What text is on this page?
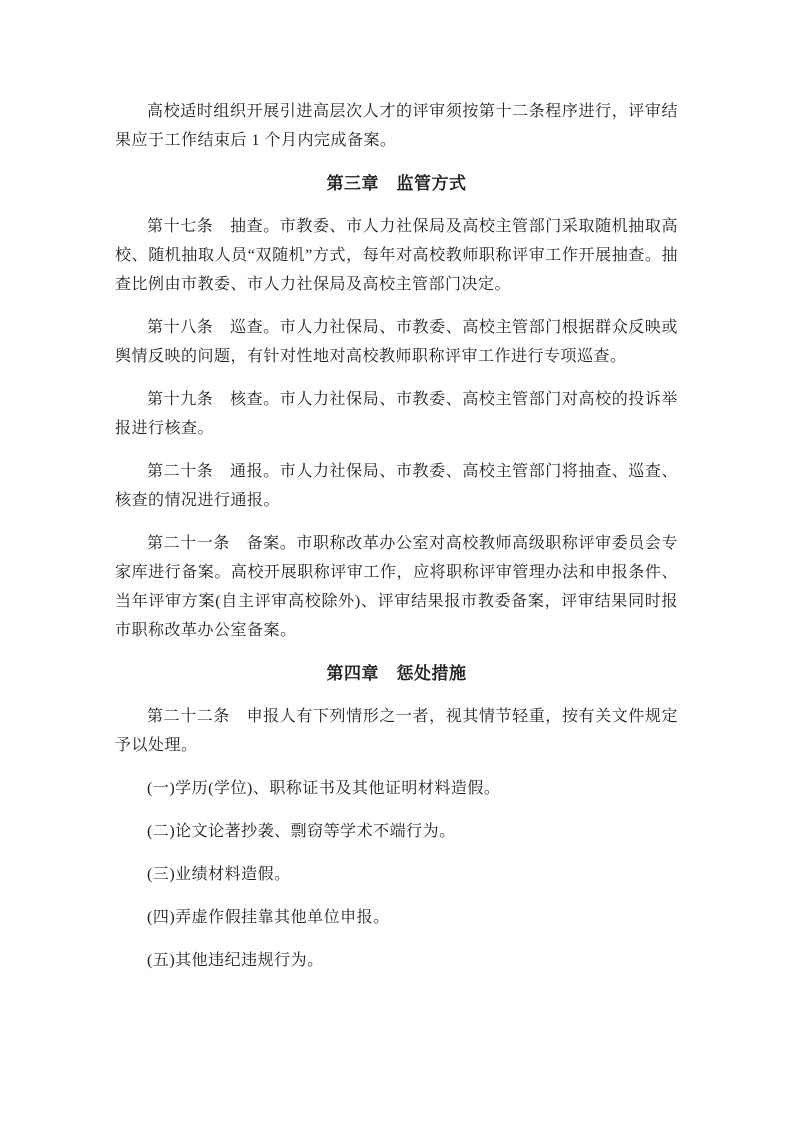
高校适时组织开展引进高层次人才的评审须按第十二条程序进行，评审结果应于工作结束后 1 个月内完成备案。

第三章　监管方式

第十七条　抽查。市教委、市人力社保局及高校主管部门采取随机抽取高校、随机抽取人员“双随机”方式，每年对高校教师职称评审工作开展抽查。抽查比例由市教委、市人力社保局及高校主管部门决定。

第十八条　巡查。市人力社保局、市教委、高校主管部门根据群众反映或舆情反映的问题，有针对性地对高校教师职称评审工作进行专项巡查。

第十九条　核查。市人力社保局、市教委、高校主管部门对高校的投诉举报进行核查。

第二十条　通报。市人力社保局、市教委、高校主管部门将抽查、巡查、核查的情况进行通报。

第二十一条　备案。市职称改革办公室对高校教师高级职称评审委员会专家库进行备案。高校开展职称评审工作，应将职称评审管理办法和申报条件、当年评审方案(自主评审高校除外)、评审结果报市教委备案，评审结果同时报市职称改革办公室备案。

第四章　惩处措施

第二十二条　申报人有下列情形之一者，视其情节轻重，按有关文件规定予以处理。

(一)学历(学位)、职称证书及其他证明材料造假。

(二)论文论著抄袭、剽窃等学术不端行为。

(三)业绩材料造假。

(四)弄虚作假挂靠其他单位申报。

(五)其他违纪违规行为。
